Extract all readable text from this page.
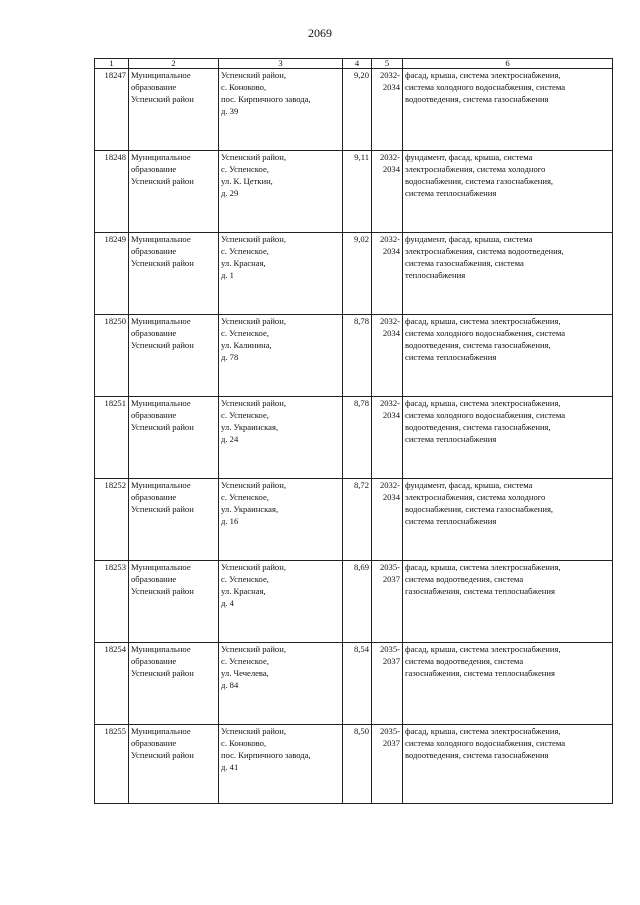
2069
1	2	3	4	5	6
18247	Муниципальное
образование
Успенский район	Успенский район,
с. Коноково,
пос. Кирпичного завода,
д. 39	9,20	2032-
2034	фасад, крыша, система электроснабжения,
система холодного водоснабжения, система
водоотведения, система газоснабжения

18248	Муниципальное
образование
Успенский район	Успенский район,
с. Успенское,
ул. К. Цеткин,
д. 29	9,11	2032-
2034	фундамент, фасад, крыша, система
электроснабжения, система холодного
водоснабжения, система газоснабжения,
система теплоснабжения

18249	Муниципальное
образование
Успенский район	Успенский район,
с. Успенское,
ул. Красная,
д. 1	9,02	2032-
2034	фундамент, фасад, крыша, система
электроснабжения, система водоотведения,
система газоснабжения, система
теплоснабжения

18250	Муниципальное
образование
Успенский район	Успенский район,
с. Успенское,
ул. Калинина,
д. 78	8,78	2032-
2034	фасад, крыша, система электроснабжения,
система холодного водоснабжения, система
водоотведения, система газоснабжения,
система теплоснабжения

18251	Муниципальное
образование
Успенский район	Успенский район,
с. Успенское,
ул. Украинская,
д. 24	8,78	2032-
2034	фасад, крыша, система электроснабжения,
система холодного водоснабжения, система
водоотведения, система газоснабжения,
система теплоснабжения

18252	Муниципальное
образование
Успенский район	Успенский район,
с. Успенское,
ул. Украинская,
д. 16	8,72	2032-
2034	фундамент, фасад, крыша, система
электроснабжения, система холодного
водоснабжения, система газоснабжения,
система теплоснабжения

18253	Муниципальное
образование
Успенский район	Успенский район,
с. Успенское,
ул. Красная,
д. 4	8,69	2035-
2037	фасад, крыша, система электроснабжения,
система водоотведения, система
газоснабжения, система теплоснабжения

18254	Муниципальное
образование
Успенский район	Успенский район,
с. Успенское,
ул. Чечелева,
д. 84	8,54	2035-
2037	фасад, крыша, система электроснабжения,
система водоотведения, система
газоснабжения, система теплоснабжения

18255	Муниципальное
образование
Успенский район	Успенский район,
с. Коноково,
пос. Кирпичного завода,
д. 41	8,50	2035-
2037	фасад, крыша, система электроснабжения,
система холодного водоснабжения, система
водоотведения, система газоснабжения
